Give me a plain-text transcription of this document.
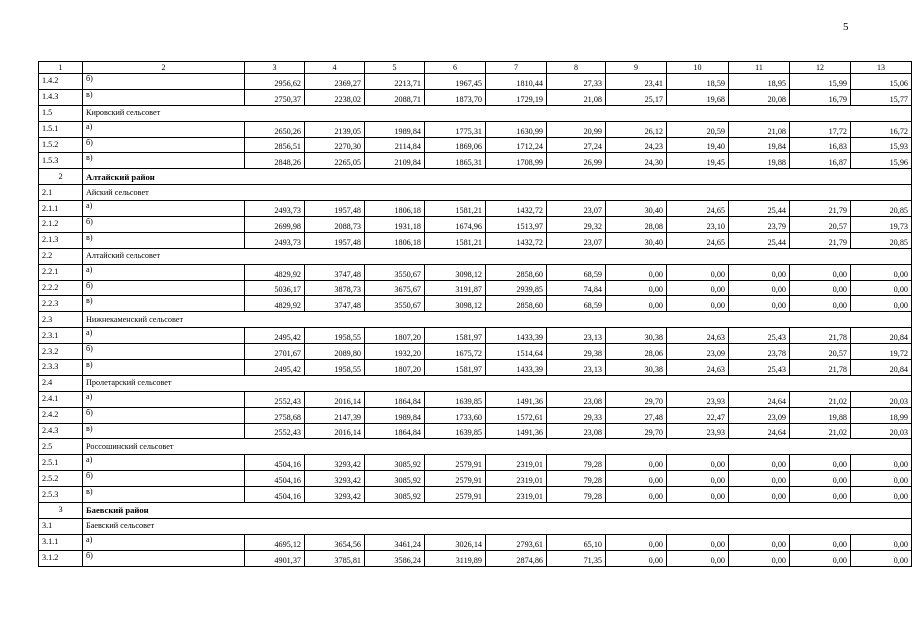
5
1	2	3	4	5	6	7	8	9	10	11	12	13
1.4.2	б)	2956,62	2369,27	2213,71	1967,45	1810,44	27,33	23,41	18,59	18,95	15,99	15,06
1.4.3	в)	2750,37	2238,02	2088,71	1873,70	1729,19	21,08	25,17	19,68	20,08	16,79	15,77
1.5	Кировский сельсовет											
1.5.1	а)	2650,26	2139,05	1989,84	1775,31	1630,99	20,99	26,12	20,59	21,08	17,72	16,72
1.5.2	б)	2856,51	2270,30	2114,84	1869,06	1712,24	27,24	24,23	19,40	19,84	16,83	15,93
1.5.3	в)	2848,26	2265,05	2109,84	1865,31	1708,99	26,99	24,30	19,45	19,88	16,87	15,96
2	Алтайский район											
2.1	Айский сельсовет											
2.1.1	а)	2493,73	1957,48	1806,18	1581,21	1432,72	23,07	30,40	24,65	25,44	21,79	20,85
2.1.2	б)	2699,98	2088,73	1931,18	1674,96	1513,97	29,32	28,08	23,10	23,79	20,57	19,73
2.1.3	в)	2493,73	1957,48	1806,18	1581,21	1432,72	23,07	30,40	24,65	25,44	21,79	20,85
2.2	Алтайский сельсовет											
2.2.1	а)	4829,92	3747,48	3550,67	3098,12	2858,60	68,59	0,00	0,00	0,00	0,00	0,00
2.2.2	б)	5036,17	3878,73	3675,67	3191,87	2939,85	74,84	0,00	0,00	0,00	0,00	0,00
2.2.3	в)	4829,92	3747,48	3550,67	3098,12	2858,60	68,59	0,00	0,00	0,00	0,00	0,00
2.3	Нижнекаменский сельсовет											
2.3.1	а)	2495,42	1958,55	1807,20	1581,97	1433,39	23,13	30,38	24,63	25,43	21,78	20,84
2.3.2	б)	2701,67	2089,80	1932,20	1675,72	1514,64	29,38	28,06	23,09	23,78	20,57	19,72
2.3.3	в)	2495,42	1958,55	1807,20	1581,97	1433,39	23,13	30,38	24,63	25,43	21,78	20,84
2.4	Пролетарский сельсовет											
2.4.1	а)	2552,43	2016,14	1864,84	1639,85	1491,36	23,08	29,70	23,93	24,64	21,02	20,03
2.4.2	б)	2758,68	2147,39	1989,84	1733,60	1572,61	29,33	27,48	22,47	23,09	19,88	18,99
2.4.3	в)	2552,43	2016,14	1864,84	1639,85	1491,36	23,08	29,70	23,93	24,64	21,02	20,03
2.5	Россошинский сельсовет											
2.5.1	а)	4504,16	3293,42	3085,92	2579,91	2319,01	79,28	0,00	0,00	0,00	0,00	0,00
2.5.2	б)	4504,16	3293,42	3085,92	2579,91	2319,01	79,28	0,00	0,00	0,00	0,00	0,00
2.5.3	в)	4504,16	3293,42	3085,92	2579,91	2319,01	79,28	0,00	0,00	0,00	0,00	0,00
3	Баевский район											
3.1	Баевский сельсовет											
3.1.1	а)	4695,12	3654,56	3461,24	3026,14	2793,61	65,10	0,00	0,00	0,00	0,00	0,00
3.1.2	б)	4901,37	3785,81	3586,24	3119,89	2874,86	71,35	0,00	0,00	0,00	0,00	0,00
